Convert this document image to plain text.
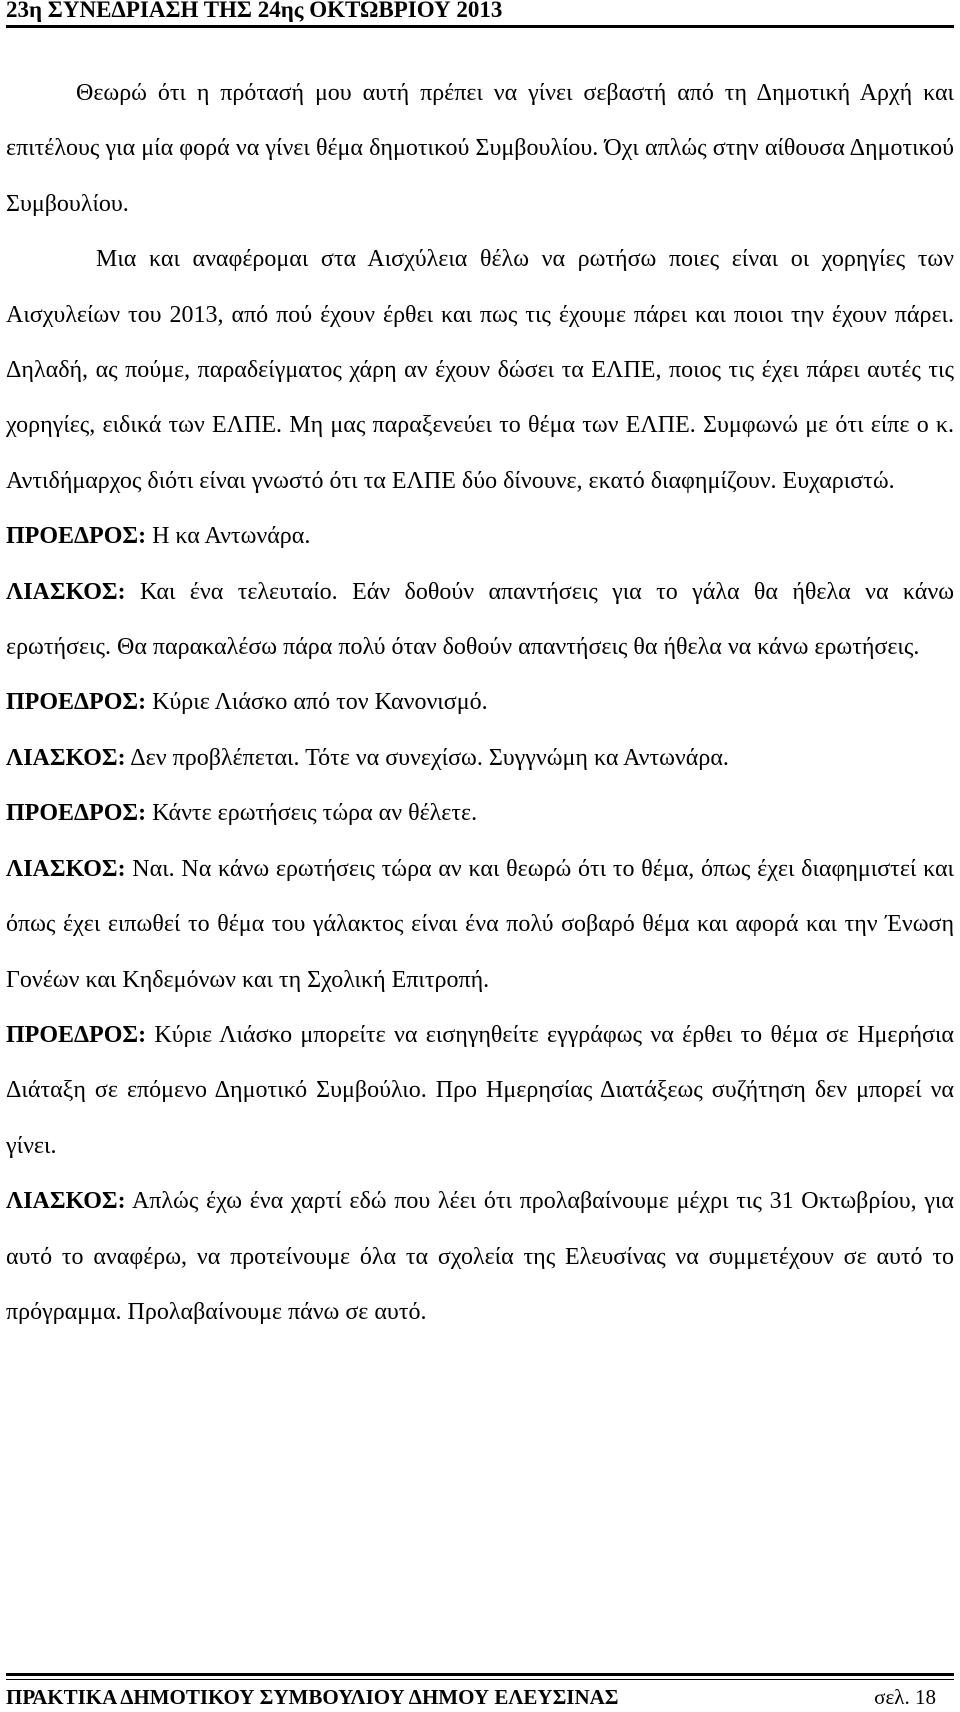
23η ΣΥΝΕΔΡΙΑΣΗ ΤΗΣ 24ης ΟΚΤΩΒΡΙΟΥ 2013

Θεωρώ ότι η πρότασή μου αυτή πρέπει να γίνει σεβαστή από τη Δημοτική Αρχή και επιτέλους για μία φορά να γίνει θέμα δημοτικού Συμβουλίου. Όχι απλώς στην αίθουσα Δημοτικού Συμβουλίου.

Μια και αναφέρομαι στα Αισχύλεια θέλω να ρωτήσω ποιες είναι οι χορηγίες των Αισχυλείων του 2013, από πού έχουν έρθει και πως τις έχουμε πάρει και ποιοι την έχουν πάρει. Δηλαδή, ας πούμε, παραδείγματος χάρη αν έχουν δώσει τα ΕΛΠΕ, ποιος τις έχει πάρει αυτές τις χορηγίες, ειδικά των ΕΛΠΕ. Μη μας παραξενεύει το θέμα των ΕΛΠΕ. Συμφωνώ με ότι είπε ο κ. Αντιδήμαρχος διότι είναι γνωστό ότι τα ΕΛΠΕ δύο δίνουνε, εκατό διαφημίζουν. Ευχαριστώ.

ΠΡΟΕΔΡΟΣ: Η κα Αντωνάρα.

ΛΙΑΣΚΟΣ: Και ένα τελευταίο. Εάν δοθούν απαντήσεις για το γάλα θα ήθελα να κάνω ερωτήσεις. Θα παρακαλέσω πάρα πολύ όταν δοθούν απαντήσεις θα ήθελα να κάνω ερωτήσεις.

ΠΡΟΕΔΡΟΣ: Κύριε Λιάσκο από τον Κανονισμό.

ΛΙΑΣΚΟΣ: Δεν προβλέπεται. Τότε να συνεχίσω. Συγγνώμη κα Αντωνάρα.

ΠΡΟΕΔΡΟΣ: Κάντε ερωτήσεις τώρα αν θέλετε.

ΛΙΑΣΚΟΣ: Ναι. Να κάνω ερωτήσεις τώρα αν και θεωρώ ότι το θέμα, όπως έχει διαφημιστεί και όπως έχει ειπωθεί το θέμα του γάλακτος είναι ένα πολύ σοβαρό θέμα και αφορά και την Ένωση Γονέων και Κηδεμόνων και τη Σχολική Επιτροπή.

ΠΡΟΕΔΡΟΣ: Κύριε Λιάσκο μπορείτε να εισηγηθείτε εγγράφως να έρθει το θέμα σε Ημερήσια Διάταξη σε επόμενο Δημοτικό Συμβούλιο. Προ Ημερησίας Διατάξεως συζήτηση δεν μπορεί να γίνει.

ΛΙΑΣΚΟΣ: Απλώς έχω ένα χαρτί εδώ που λέει ότι προλαβαίνουμε μέχρι τις 31 Οκτωβρίου, για αυτό το αναφέρω, να προτείνουμε όλα τα σχολεία της Ελευσίνας να συμμετέχουν σε αυτό το πρόγραμμα. Προλαβαίνουμε πάνω σε αυτό.

ΠΡΑΚΤΙΚΑ ΔΗΜΟΤΙΚΟΥ ΣΥΜΒΟΥΛΙΟΥ ΔΗΜΟΥ ΕΛΕΥΣΙΝΑΣ	σελ. 18
